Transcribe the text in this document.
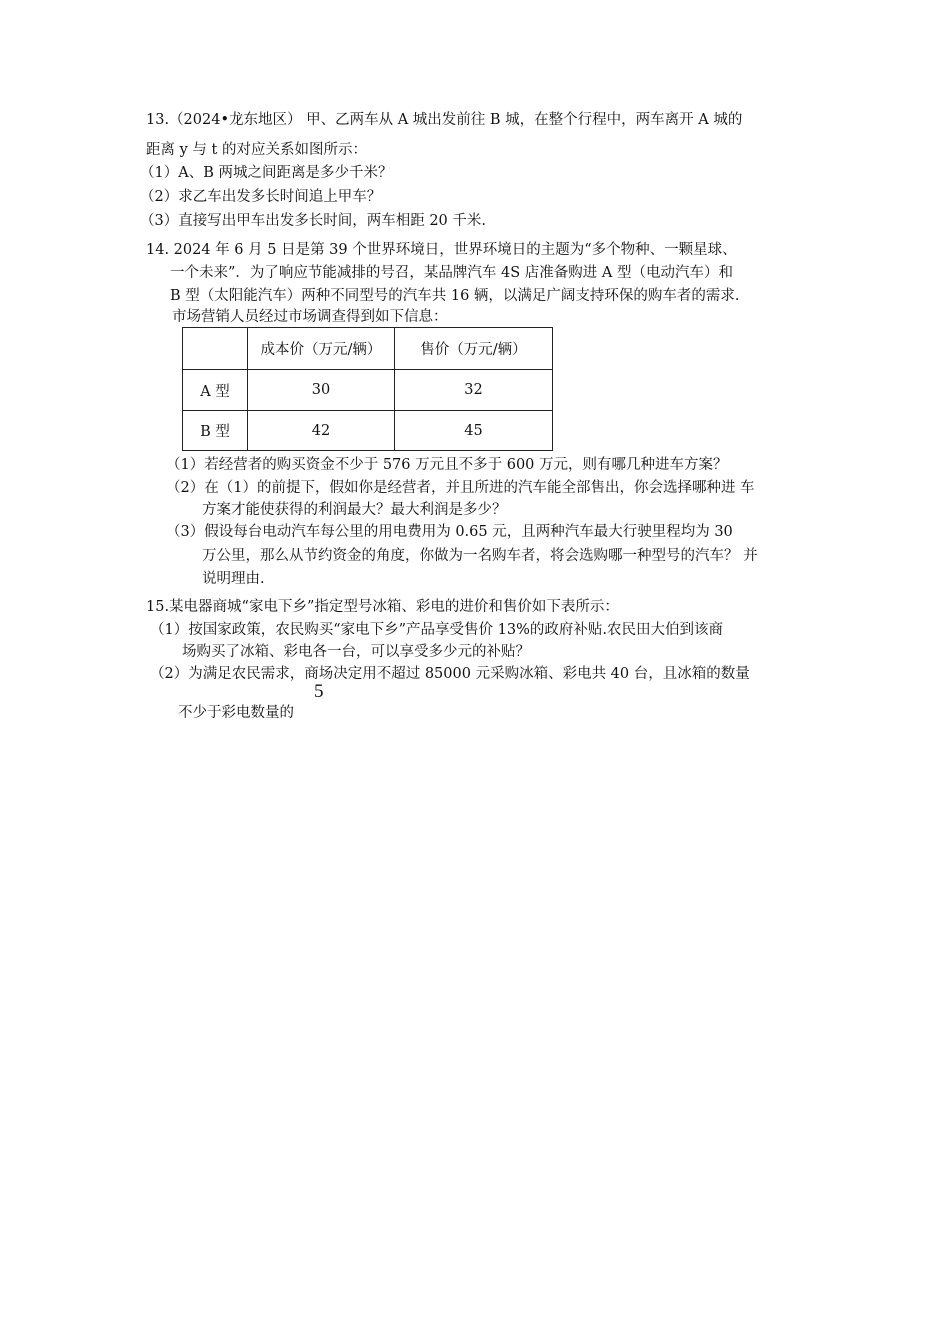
13.（2024•龙东地区） 甲、乙两车从 A 城出发前往 B 城，在整个行程中，两车离开 A 城的
距离 y 与 t 的对应关系如图所示：
（1）A、B 两城之间距离是多少千米？
（2）求乙车出发多长时间追上甲车？
（3）直接写出甲车出发多长时间，两车相距 20 千米.
14. 2024 年 6 月 5 日是第 39 个世界环境日，世界环境日的主题为“多个物种、一颗星球、
一个未来”．为了响应节能减排的号召，某品牌汽车 4S 店准备购进 A 型（电动汽车）和
B 型（太阳能汽车）两种不同型号的汽车共 16 辆，以满足广阔支持环保的购车者的需求.
市场营销人员经过市场调查得到如下信息：
	成本价（万元/辆）	售价（万元/辆）
A 型	30	32
B 型	42	45
（1）若经营者的购买资金不少于 576 万元且不多于 600 万元，则有哪几种进车方案？
（2）在（1）的前提下，假如你是经营者，并且所进的汽车能全部售出，你会选择哪种进 车
方案才能使获得的利润最大？最大利润是多少？
（3）假设每台电动汽车每公里的用电费用为 0.65 元，且两种汽车最大行驶里程均为 30
万公里，那么从节约资金的角度，你做为一名购车者，将会选购哪一种型号的汽车？ 并
说明理由.
15.某电器商城“家电下乡”指定型号冰箱、彩电的进价和售价如下表所示：
（1）按国家政策，农民购买“家电下乡”产品享受售价 13%的政府补贴.农民田大伯到该商
场购买了冰箱、彩电各一台，可以享受多少元的补贴？
（2）为满足农民需求，商场决定用不超过 85000 元采购冰箱、彩电共 40 台，且冰箱的数量
5
不少于彩电数量的
